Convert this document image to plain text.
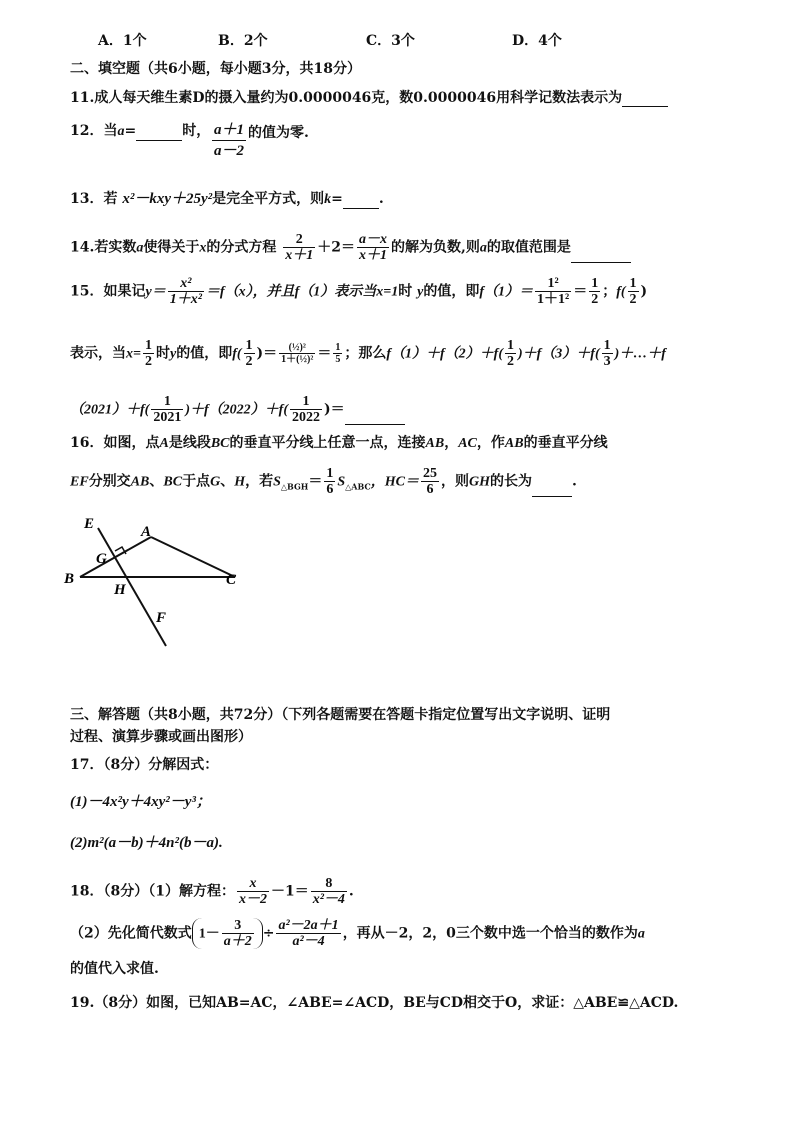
A．1个	B．2个	C．3个	D．4个
二、填空题（共6小题，每小题3分，共18分）
11.成人每天维生素D的摄入量约为0.0000046克，数0.0000046用科学记数法表示为
12．当a=	时， $\frac{a+1}{a-2}$ 的值为零.
13．若 x²－kxy＋25y²是完全平方式，则k=	.
14.若实数a使得关于x的分式方程 $\frac{2}{x+1} +2= \frac{a-x}{x+1}$ 的解为负数,则a的取值范围是
15．如果记$y= \frac{\text{x²}}{\text{1＋x²}} =f(x)$，并且f（1）表示当x=1时 y的值，即$f(1)= \frac{\text{1²}}{\text{1＋1²}} = \frac{1}{2}$ ；$f( \frac{1}{2}$ )
表示，当$x= \frac{1}{2}$ 时y的值，即$f( \frac{1}{2}$ )＝ $\frac{\text{(½)²}}{\text{1＋(½)²}} = \frac{1}{5}$ ；那么$f(1)+f(2)+f( \frac{1}{2} )+f(3)+f( \frac{1}{3}$ )＋…＋f
$(2021)+f( \frac{1}{2021} )+f(2022)+f( \frac{1}{2022}$ )＝
16．如图，点A是线段BC的垂直平分线上任意一点，连接AB，AC，作AB的垂直平分线
EF分别交AB、BC于点G、H，若$S_{\triangle BGH}= \frac{1}{6} S_{\triangle ABC}$，$HC= \frac{25}{6}$ ，则GH的长为	.
E	A
G
B
H
C
F
三、解答题（共8小题，共72分）（下列各题需要在答题卡指定位置写出文字说明、证明
过程、演算步骤或画出图形）
17．（8分）分解因式：
(1)－4x²y＋4xy²－y³；
(2)m²(a－b)＋4n²(b－a).
18．（8分）（1）解方程： $\frac{x}{x-2} -1= \frac{8}{\text{x²－4}}$ .
（2）先化简代数式 $1- \frac{3}{a+2} \div \frac{\text{a²－2a＋1}}{\text{a²－4}}$ ，再从－2，2，0三个数中选一个恰当的数作为a
的值代入求值.
19.（8分）如图，已知AB=AC，∠ABE=∠ACD，BE与CD相交于O，求证：△ABE≌△ACD.
